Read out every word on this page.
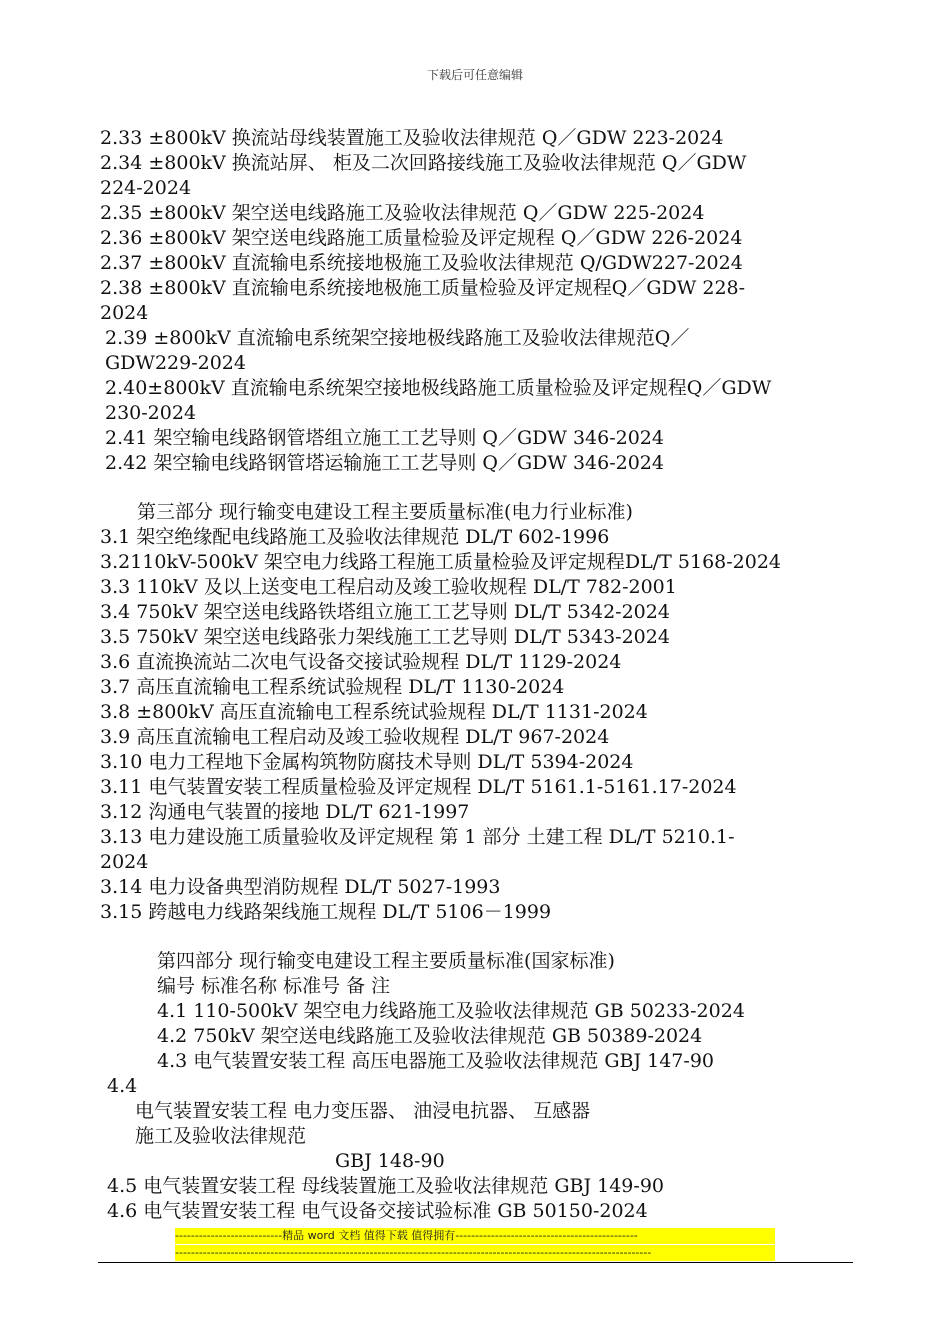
下载后可任意编辑
2.33 ±800kV 换流站母线装置施工及验收法律规范 Q／GDW 223-2024
2.34 ±800kV 换流站屏、 柜及二次回路接线施工及验收法律规范 Q／GDW
224-2024
2.35 ±800kV 架空送电线路施工及验收法律规范 Q／GDW 225-2024
2.36 ±800kV 架空送电线路施工质量检验及评定规程 Q／GDW 226-2024
2.37 ±800kV 直流输电系统接地极施工及验收法律规范 Q/GDW227-2024
2.38 ±800kV 直流输电系统接地极施工质量检验及评定规程Q／GDW 228-
2024
2.39 ±800kV 直流输电系统架空接地极线路施工及验收法律规范Q／
GDW229-2024
2.40±800kV 直流输电系统架空接地极线路施工质量检验及评定规程Q／GDW
230-2024
2.41 架空输电线路钢管塔组立施工工艺导则 Q／GDW 346-2024
2.42 架空输电线路钢管塔运输施工工艺导则 Q／GDW 346-2024
第三部分 现行输变电建设工程主要质量标准(电力行业标准)
3.1 架空绝缘配电线路施工及验收法律规范 DL/T 602-1996
3.2110kV-500kV 架空电力线路工程施工质量检验及评定规程DL/T 5168-2024
3.3 110kV 及以上送变电工程启动及竣工验收规程 DL/T 782-2001
3.4 750kV 架空送电线路铁塔组立施工工艺导则 DL/T 5342-2024
3.5 750kV 架空送电线路张力架线施工工艺导则 DL/T 5343-2024
3.6 直流换流站二次电气设备交接试验规程 DL/T 1129-2024
3.7 高压直流输电工程系统试验规程 DL/T 1130-2024
3.8 ±800kV 高压直流输电工程系统试验规程 DL/T 1131-2024
3.9 高压直流输电工程启动及竣工验收规程 DL/T 967-2024
3.10 电力工程地下金属构筑物防腐技术导则 DL/T 5394-2024
3.11 电气装置安装工程质量检验及评定规程 DL/T 5161.1-5161.17-2024
3.12 沟通电气装置的接地 DL/T 621-1997
3.13 电力建设施工质量验收及评定规程 第 1 部分 土建工程 DL/T 5210.1-
2024
3.14 电力设备典型消防规程 DL/T 5027-1993
3.15 跨越电力线路架线施工规程 DL/T 5106－1999
第四部分 现行输变电建设工程主要质量标准(国家标准)
编号 标准名称 标准号 备 注
4.1 110-500kV 架空电力线路施工及验收法律规范 GB 50233-2024
4.2 750kV 架空送电线路施工及验收法律规范 GB 50389-2024
4.3 电气装置安装工程 高压电器施工及验收法律规范 GBJ 147-90
4.4
电气装置安装工程 电力变压器、 油浸电抗器、 互感器
施工及验收法律规范
GBJ 148-90
4.5 电气装置安装工程 母线装置施工及验收法律规范 GBJ 149-90
4.6 电气装置安装工程 电气设备交接试验标准 GB 50150-2024
---------------------------精品 word 文档 值得下载 值得拥有----------------------------------------------
------------------------------------------------------------------------------------------------------------------------
